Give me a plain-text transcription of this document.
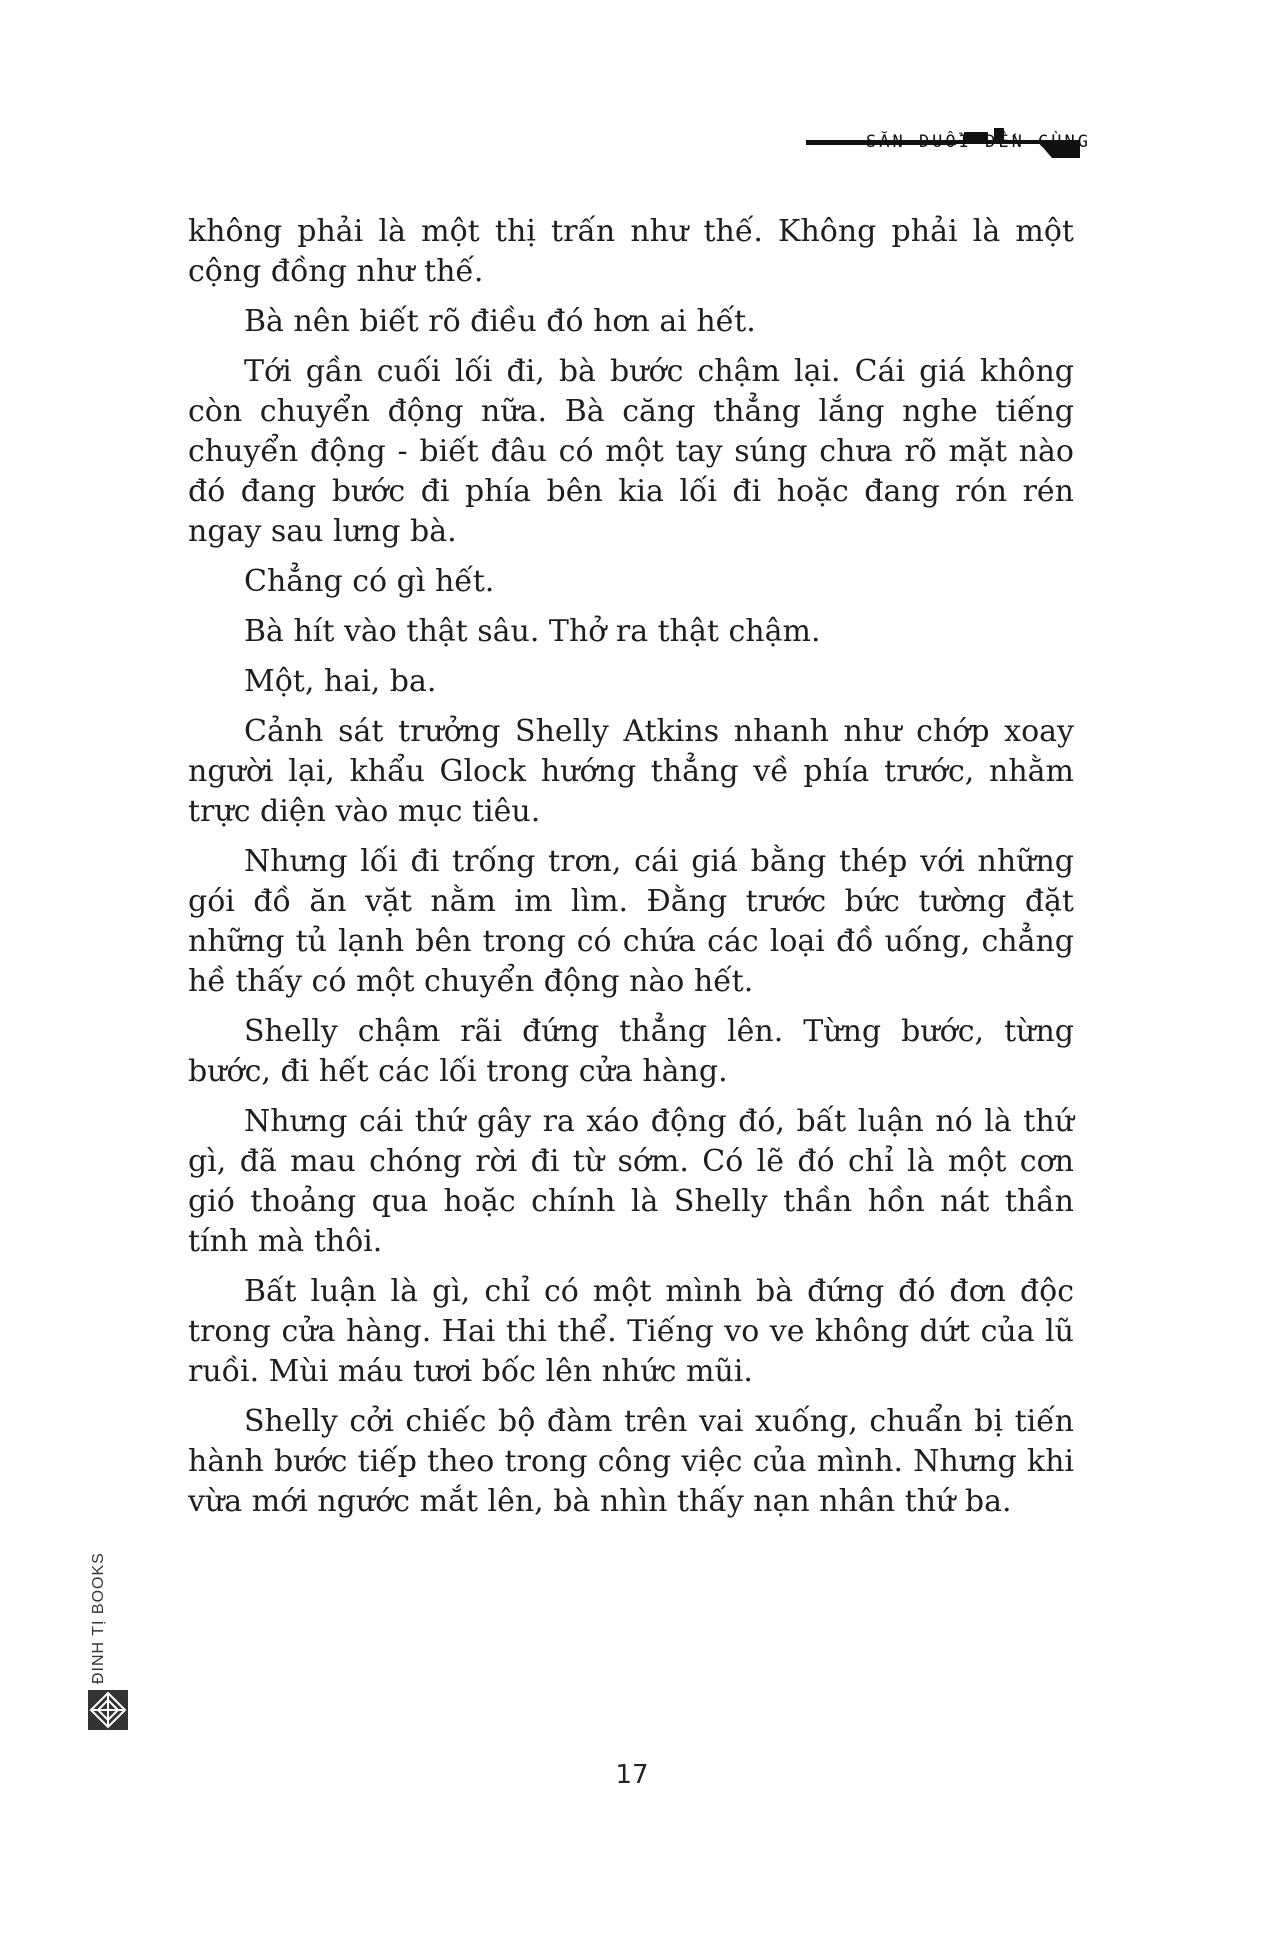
SĂN ĐUỔI ĐẾN CÙNG

không phải là một thị trấn như thế. Không phải là một cộng đồng như thế.

Bà nên biết rõ điều đó hơn ai hết.

Tới gần cuối lối đi, bà bước chậm lại. Cái giá không còn chuyển động nữa. Bà căng thẳng lắng nghe tiếng chuyển động - biết đâu có một tay súng chưa rõ mặt nào đó đang bước đi phía bên kia lối đi hoặc đang rón rén ngay sau lưng bà.

Chẳng có gì hết.

Bà hít vào thật sâu. Thở ra thật chậm.

Một, hai, ba.

Cảnh sát trưởng Shelly Atkins nhanh như chớp xoay người lại, khẩu Glock hướng thẳng về phía trước, nhằm trực diện vào mục tiêu.

Nhưng lối đi trống trơn, cái giá bằng thép với những gói đồ ăn vặt nằm im lìm. Đằng trước bức tường đặt những tủ lạnh bên trong có chứa các loại đồ uống, chẳng hề thấy có một chuyển động nào hết.

Shelly chậm rãi đứng thẳng lên. Từng bước, từng bước, đi hết các lối trong cửa hàng.

Nhưng cái thứ gây ra xáo động đó, bất luận nó là thứ gì, đã mau chóng rời đi từ sớm. Có lẽ đó chỉ là một cơn gió thoảng qua hoặc chính là Shelly thần hồn nát thần tính mà thôi.

Bất luận là gì, chỉ có một mình bà đứng đó đơn độc trong cửa hàng. Hai thi thể. Tiếng vo ve không dứt của lũ ruồi. Mùi máu tươi bốc lên nhức mũi.

Shelly cởi chiếc bộ đàm trên vai xuống, chuẩn bị tiến hành bước tiếp theo trong công việc của mình. Nhưng khi vừa mới ngước mắt lên, bà nhìn thấy nạn nhân thứ ba.

ĐINH TỊ BOOKS
17
